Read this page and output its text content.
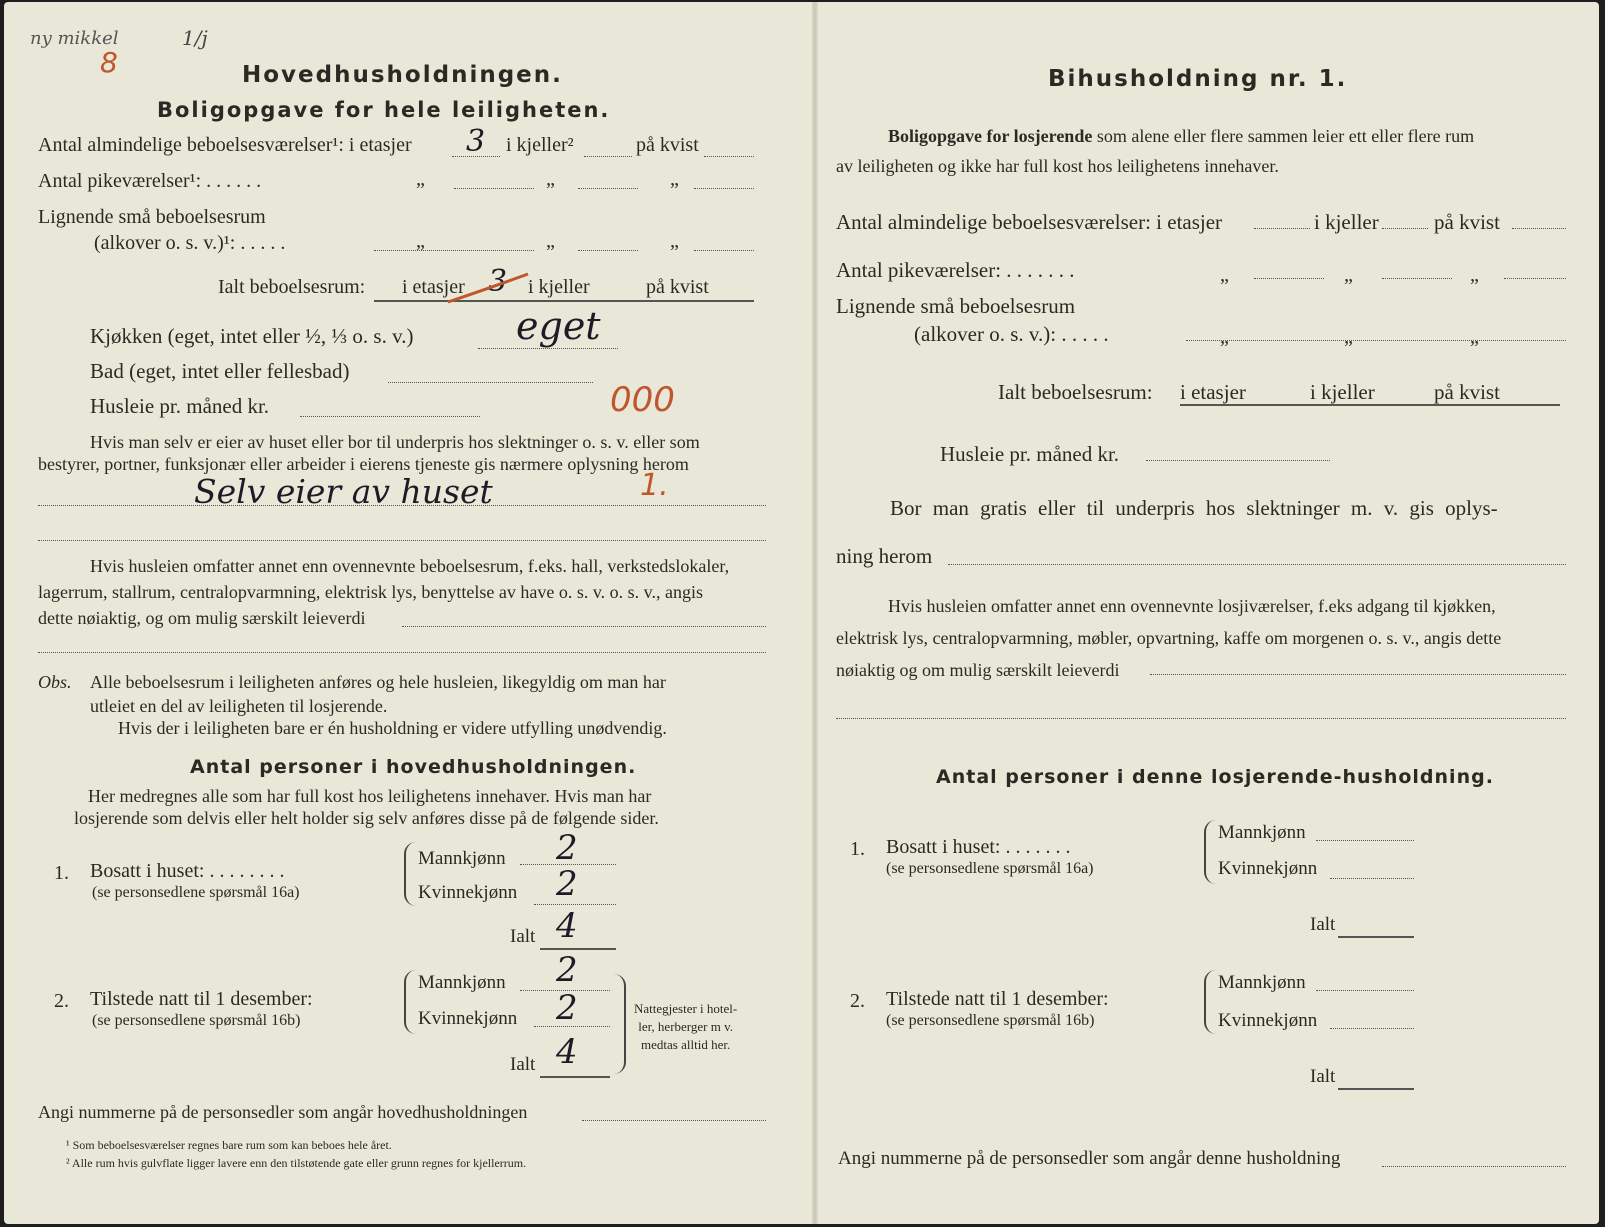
ny mikkel	1/j
8	Hovedhusholdningen.
Boligopgave for hele leiligheten.
Antal almindelige beboelsesværelser¹: i etasjer 3 i kjeller²	på kvist
Antal pikeværelser¹: . . . . . .	„	„	„
Lignende små beboelsesrum
(alkover o. s. v.)¹: . . . . .	„	„	„
Ialt beboelsesrum: i etasjer 3 i kjeller	på kvist
Kjøkken (eget, intet eller ½, ⅓ o. s. v.)	eget
Bad (eget, intet eller fellesbad)
Husleie pr. måned kr.	000
Hvis man selv er eier av huset eller bor til underpris hos slektninger o. s. v. eller som
bestyrer, portner, funksjonær eller arbeider i eierens tjeneste gis nærmere oplysning herom
Selv eier av huset	1.
Hvis husleien omfatter annet enn ovennevnte beboelsesrum, f.eks. hall, verkstedslokaler,
lagerrum, stallrum, centralopvarmning, elektrisk lys, benyttelse av have o. s. v. o. s. v., angis
dette nøiaktig, og om mulig særskilt leieverdi
Obs. Alle beboelsesrum i leiligheten anføres og hele husleien, likegyldig om man har
utleiet en del av leiligheten til losjerende.
Hvis der i leiligheten bare er én husholdning er videre utfylling unødvendig.
Antal personer i hovedhusholdningen.
Her medregnes alle som har full kost hos leilighetens innehaver. Hvis man har
losjerende som delvis eller helt holder sig selv anføres disse på de følgende sider.
1. Bosatt i huset: . . . . . . . .
(se personsedlene spørsmål 16a)
Mannkjønn 2
Kvinnekjønn 2
Ialt 4
2. Tilstede natt til 1 desember:
(se personsedlene spørsmål 16b)
Mannkjønn 2
Kvinnekjønn 2
Ialt 4
Nattegjester i hotel-
ler, herberger m v.
medtas alltid her.
Angi nummerne på de personsedler som angår hovedhusholdningen
¹ Som beboelsesværelser regnes bare rum som kan beboes hele året.
² Alle rum hvis gulvflate ligger lavere enn den tilstøtende gate eller grunn regnes for kjellerrum.
Bihusholdning nr. 1.
Boligopgave for losjerende som alene eller flere sammen leier ett eller flere rum
av leiligheten og ikke har full kost hos leilighetens innehaver.
Antal almindelige beboelsesværelser: i etasjer	i kjeller	på kvist
Antal pikeværelser: . . . . . . .	„	„	„
Lignende små beboelsesrum
(alkover o. s. v.): . . . . .	„	„	„
Ialt beboelsesrum: i etasjer	i kjeller	på kvist
Husleie pr. måned kr.
Bor man gratis eller til underpris hos slektninger m. v. gis oplys-
ning herom
Hvis husleien omfatter annet enn ovennevnte losjiværelser, f.eks adgang til kjøkken,
elektrisk lys, centralopvarmning, møbler, opvartning, kaffe om morgenen o. s. v., angis dette
nøiaktig og om mulig særskilt leieverdi
Antal personer i denne losjerende-husholdning.
1. Bosatt i huset: . . . . . . .
(se personsedlene spørsmål 16a)
Mannkjønn
Kvinnekjønn
Ialt
2. Tilstede natt til 1 desember:
(se personsedlene spørsmål 16b)
Mannkjønn
Kvinnekjønn
Ialt
Angi nummerne på de personsedler som angår denne husholdning
